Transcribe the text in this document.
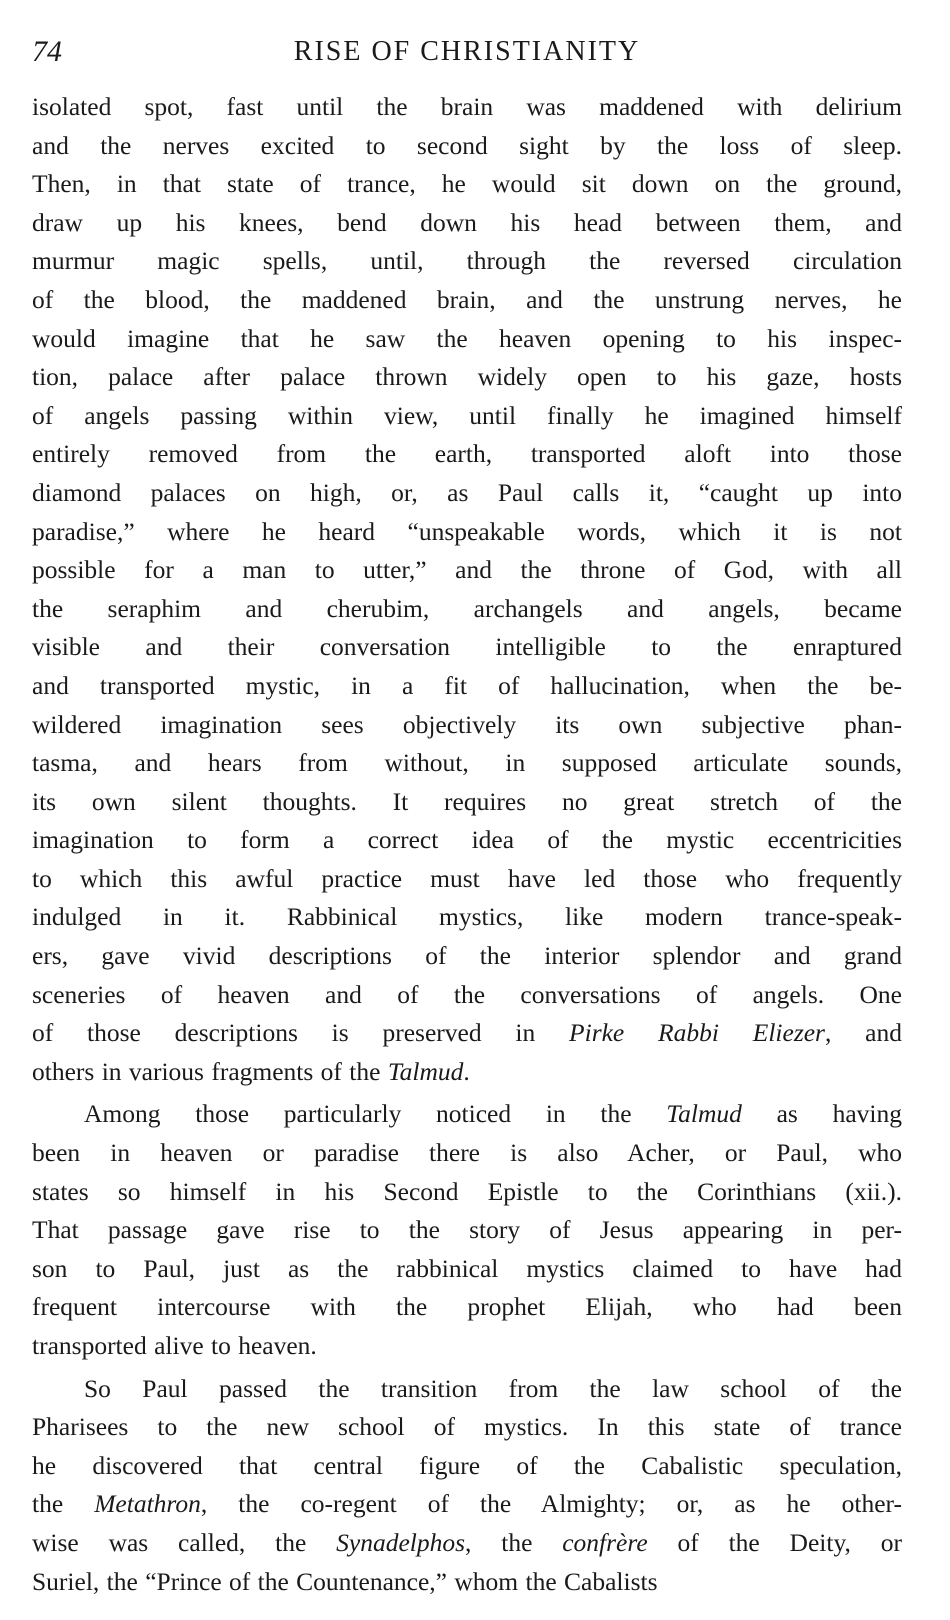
74	RISE OF CHRISTIANITY
isolated spot, fast until the brain was maddened with delirium
and the nerves excited to second sight by the loss of sleep.
Then, in that state of trance, he would sit down on the ground,
draw up his knees, bend down his head between them, and
murmur magic spells, until, through the reversed circulation
of the blood, the maddened brain, and the unstrung nerves, he
would imagine that he saw the heaven opening to his inspec-
tion, palace after palace thrown widely open to his gaze, hosts
of angels passing within view, until finally he imagined himself
entirely removed from the earth, transported aloft into those
diamond palaces on high, or, as Paul calls it, “caught up into
paradise,” where he heard “unspeakable words, which it is not
possible for a man to utter,” and the throne of God, with all
the seraphim and cherubim, archangels and angels, became
visible and their conversation intelligible to the enraptured
and transported mystic, in a fit of hallucination, when the be-
wildered imagination sees objectively its own subjective phan-
tasma, and hears from without, in supposed articulate sounds,
its own silent thoughts. It requires no great stretch of the
imagination to form a correct idea of the mystic eccentricities
to which this awful practice must have led those who frequently
indulged in it. Rabbinical mystics, like modern trance-speak-
ers, gave vivid descriptions of the interior splendor and grand
sceneries of heaven and of the conversations of angels. One
of those descriptions is preserved in Pirke Rabbi Eliezer, and
others in various fragments of the Talmud.
Among those particularly noticed in the Talmud as having
been in heaven or paradise there is also Acher, or Paul, who
states so himself in his Second Epistle to the Corinthians (xii.).
That passage gave rise to the story of Jesus appearing in per-
son to Paul, just as the rabbinical mystics claimed to have had
frequent intercourse with the prophet Elijah, who had been
transported alive to heaven.
So Paul passed the transition from the law school of the
Pharisees to the new school of mystics. In this state of trance
he discovered that central figure of the Cabalistic speculation,
the Metathron, the co-regent of the Almighty; or, as he other-
wise was called, the Synadelphos, the confrère of the Deity, or
Suriel, the “Prince of the Countenance,” whom the Cabalists
